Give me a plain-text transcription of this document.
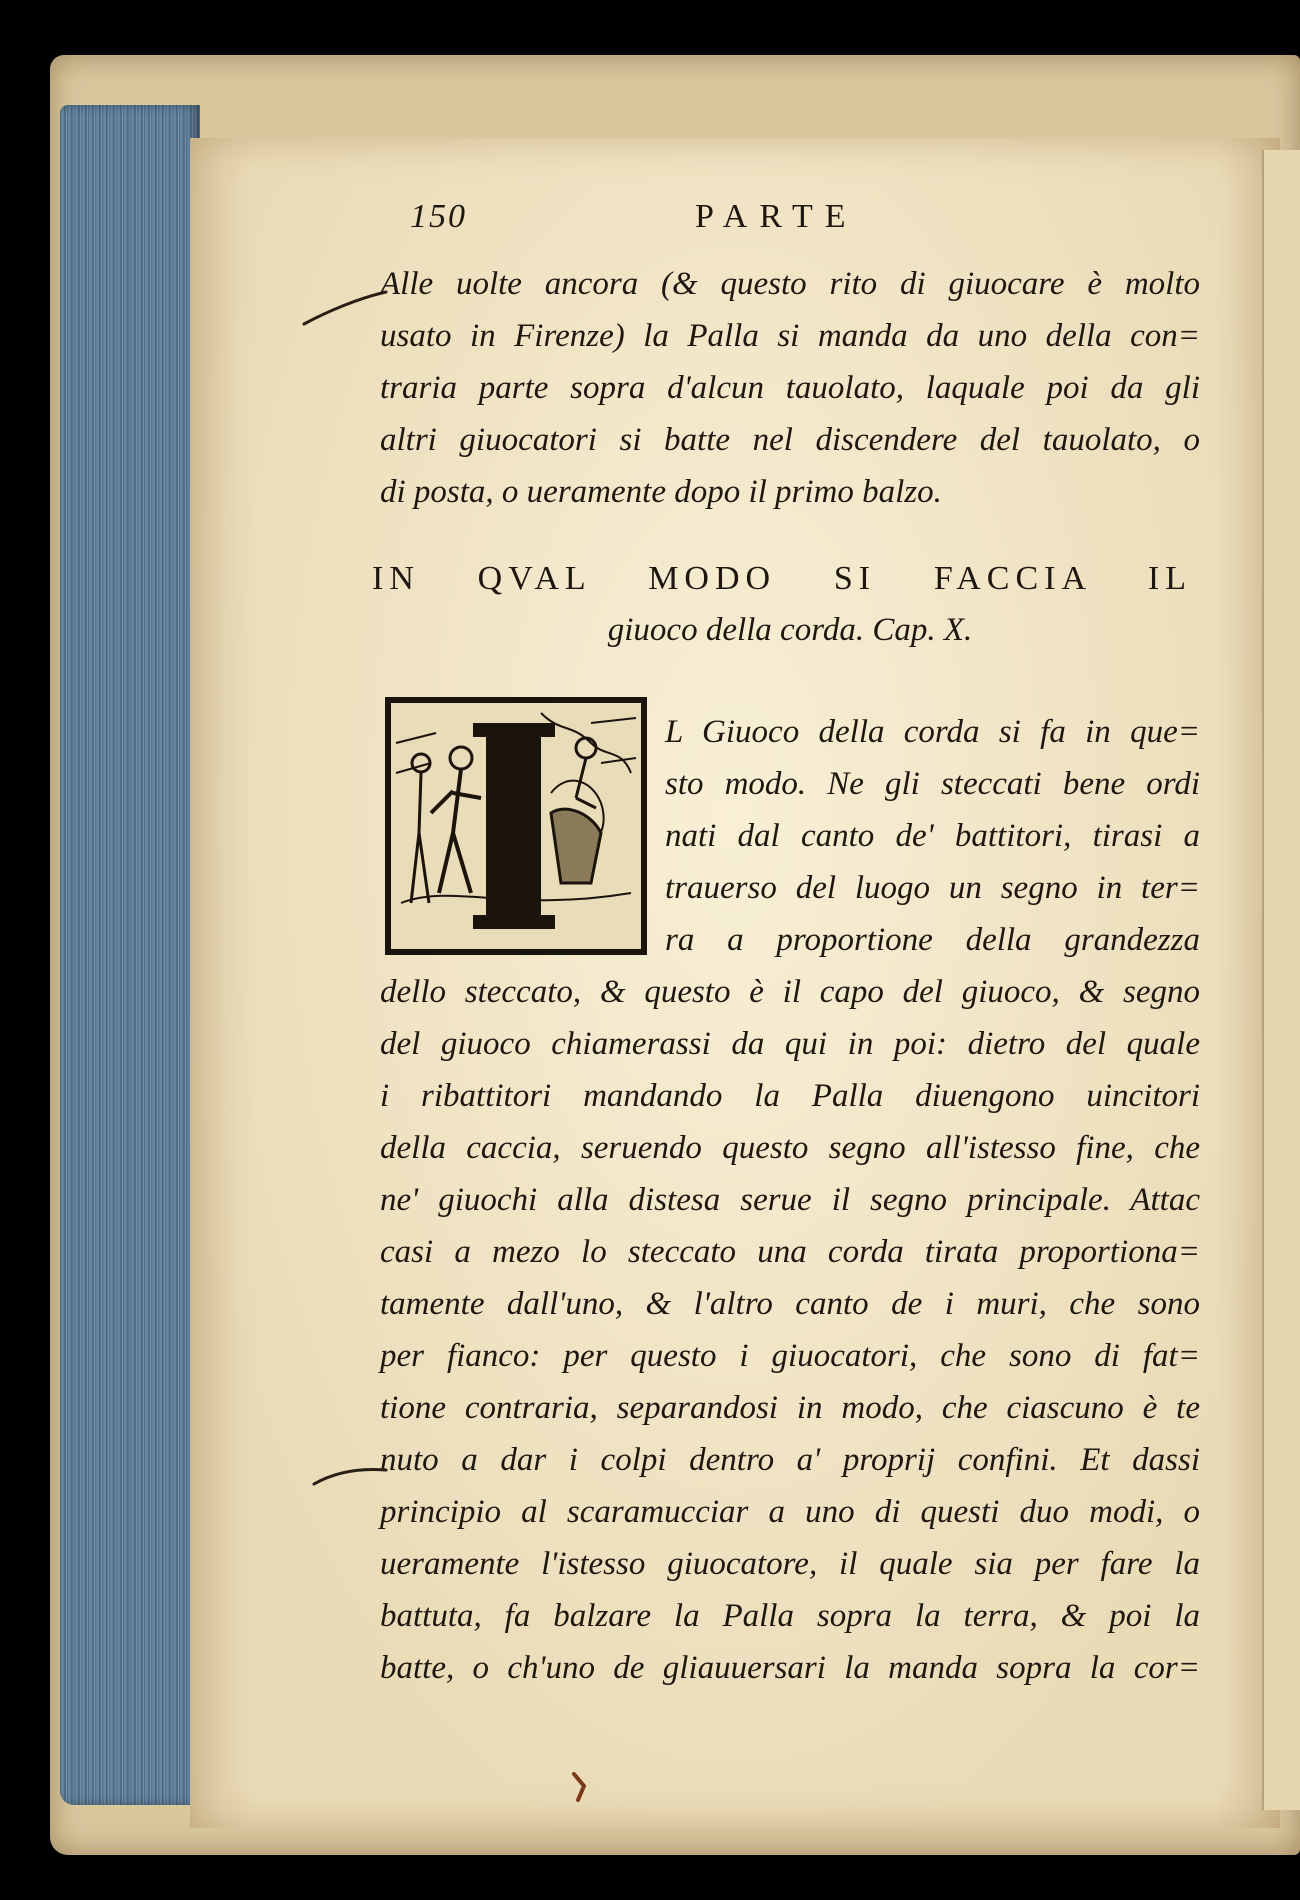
150	PARTE
Alle uolte ancora (& questo rito di giuocare è molto
usato in Firenze) la Palla si manda da uno della con=
traria parte sopra d'alcun tauolato, laquale poi da gli
altri giuocatori si batte nel discendere del tauolato, o
di posta, o ueramente dopo il primo balzo.
IN QVAL MODO SI FACCIA IL
giuoco della corda. Cap. X.
L Giuoco della corda si fa in que=
sto modo. Ne gli steccati bene ordi
nati dal canto de' battitori, tirasi a
trauerso del luogo un segno in ter=
ra a proportione della grandezza
dello steccato, & questo è il capo del giuoco, & segno
del giuoco chiamerassi da qui in poi: dietro del quale
i ribattitori mandando la Palla diuengono uincitori
della caccia, seruendo questo segno all'istesso fine, che
ne' giuochi alla distesa serue il segno principale. Attac
casi a mezo lo steccato una corda tirata proportiona=
tamente dall'uno, & l'altro canto de i muri, che sono
per fianco: per questo i giuocatori, che sono di fat=
tione contraria, separandosi in modo, che ciascuno è te
nuto a dar i colpi dentro a' proprij confini. Et dassi
principio al scaramucciar a uno di questi duo modi, o
ueramente l'istesso giuocatore, il quale sia per fare la
battuta, fa balzare la Palla sopra la terra, & poi la
batte, o ch'uno de gliauuersari la manda sopra la cor=
